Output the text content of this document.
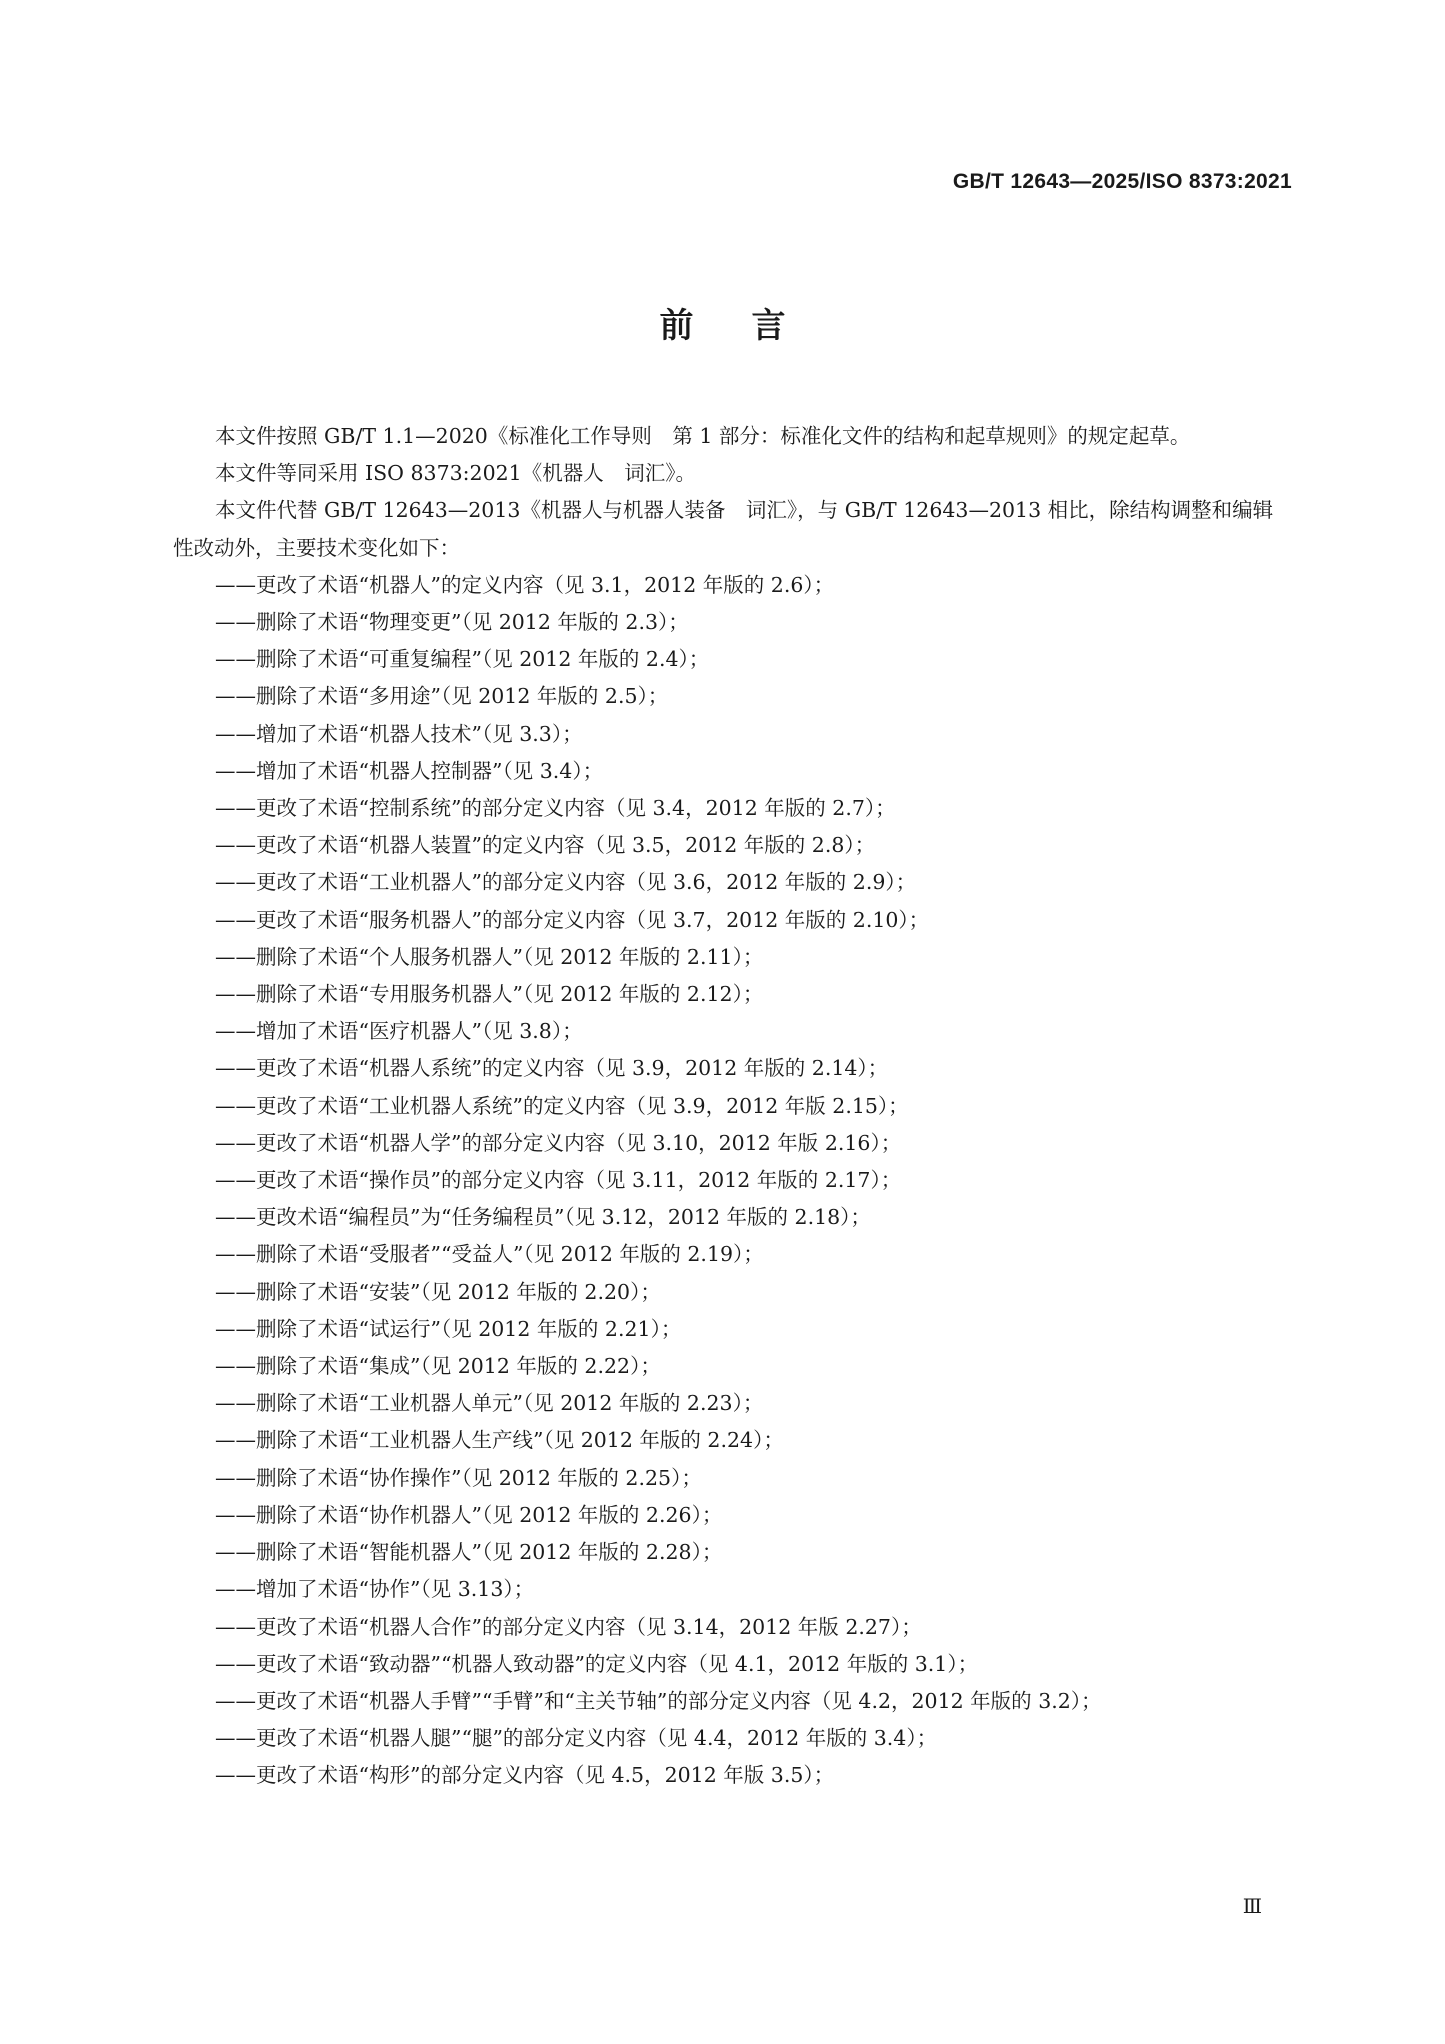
GB/T 12643—2025/ISO 8373:2021
前言

本文件按照 GB/T 1.1—2020《标准化工作导则　第 1 部分：标准化文件的结构和起草规则》的规定起草。

本文件等同采用 ISO 8373:2021《机器人　词汇》。

本文件代替 GB/T 12643—2013《机器人与机器人装备　词汇》，与 GB/T 12643—2013 相比，除结构调整和编辑性改动外，主要技术变化如下：

——更改了术语“机器人”的定义内容（见 3.1，2012 年版的 2.6）；
——删除了术语“物理变更”（见 2012 年版的 2.3）；
——删除了术语“可重复编程”（见 2012 年版的 2.4）；
——删除了术语“多用途”（见 2012 年版的 2.5）；
——增加了术语“机器人技术”（见 3.3）；
——增加了术语“机器人控制器”（见 3.4）；
——更改了术语“控制系统”的部分定义内容（见 3.4，2012 年版的 2.7）；
——更改了术语“机器人装置”的定义内容（见 3.5，2012 年版的 2.8）；
——更改了术语“工业机器人”的部分定义内容（见 3.6，2012 年版的 2.9）；
——更改了术语“服务机器人”的部分定义内容（见 3.7，2012 年版的 2.10）；
——删除了术语“个人服务机器人”（见 2012 年版的 2.11）；
——删除了术语“专用服务机器人”（见 2012 年版的 2.12）；
——增加了术语“医疗机器人”（见 3.8）；
——更改了术语“机器人系统”的定义内容（见 3.9，2012 年版的 2.14）；
——更改了术语“工业机器人系统”的定义内容（见 3.9，2012 年版 2.15）；
——更改了术语“机器人学”的部分定义内容（见 3.10，2012 年版 2.16）；
——更改了术语“操作员”的部分定义内容（见 3.11，2012 年版的 2.17）；
——更改术语“编程员”为“任务编程员”（见 3.12，2012 年版的 2.18）；
——删除了术语“受服者”“受益人”（见 2012 年版的 2.19）；
——删除了术语“安装”（见 2012 年版的 2.20）；
——删除了术语“试运行”（见 2012 年版的 2.21）；
——删除了术语“集成”（见 2012 年版的 2.22）；
——删除了术语“工业机器人单元”（见 2012 年版的 2.23）；
——删除了术语“工业机器人生产线”（见 2012 年版的 2.24）；
——删除了术语“协作操作”（见 2012 年版的 2.25）；
——删除了术语“协作机器人”（见 2012 年版的 2.26）；
——删除了术语“智能机器人”（见 2012 年版的 2.28）；
——增加了术语“协作”（见 3.13）；
——更改了术语“机器人合作”的部分定义内容（见 3.14，2012 年版 2.27）；
——更改了术语“致动器”“机器人致动器”的定义内容（见 4.1，2012 年版的 3.1）；
——更改了术语“机器人手臂”“手臂”和“主关节轴”的部分定义内容（见 4.2，2012 年版的 3.2）；
——更改了术语“机器人腿”“腿”的部分定义内容（见 4.4，2012 年版的 3.4）；
——更改了术语“构形”的部分定义内容（见 4.5，2012 年版 3.5）；
Ⅲ
